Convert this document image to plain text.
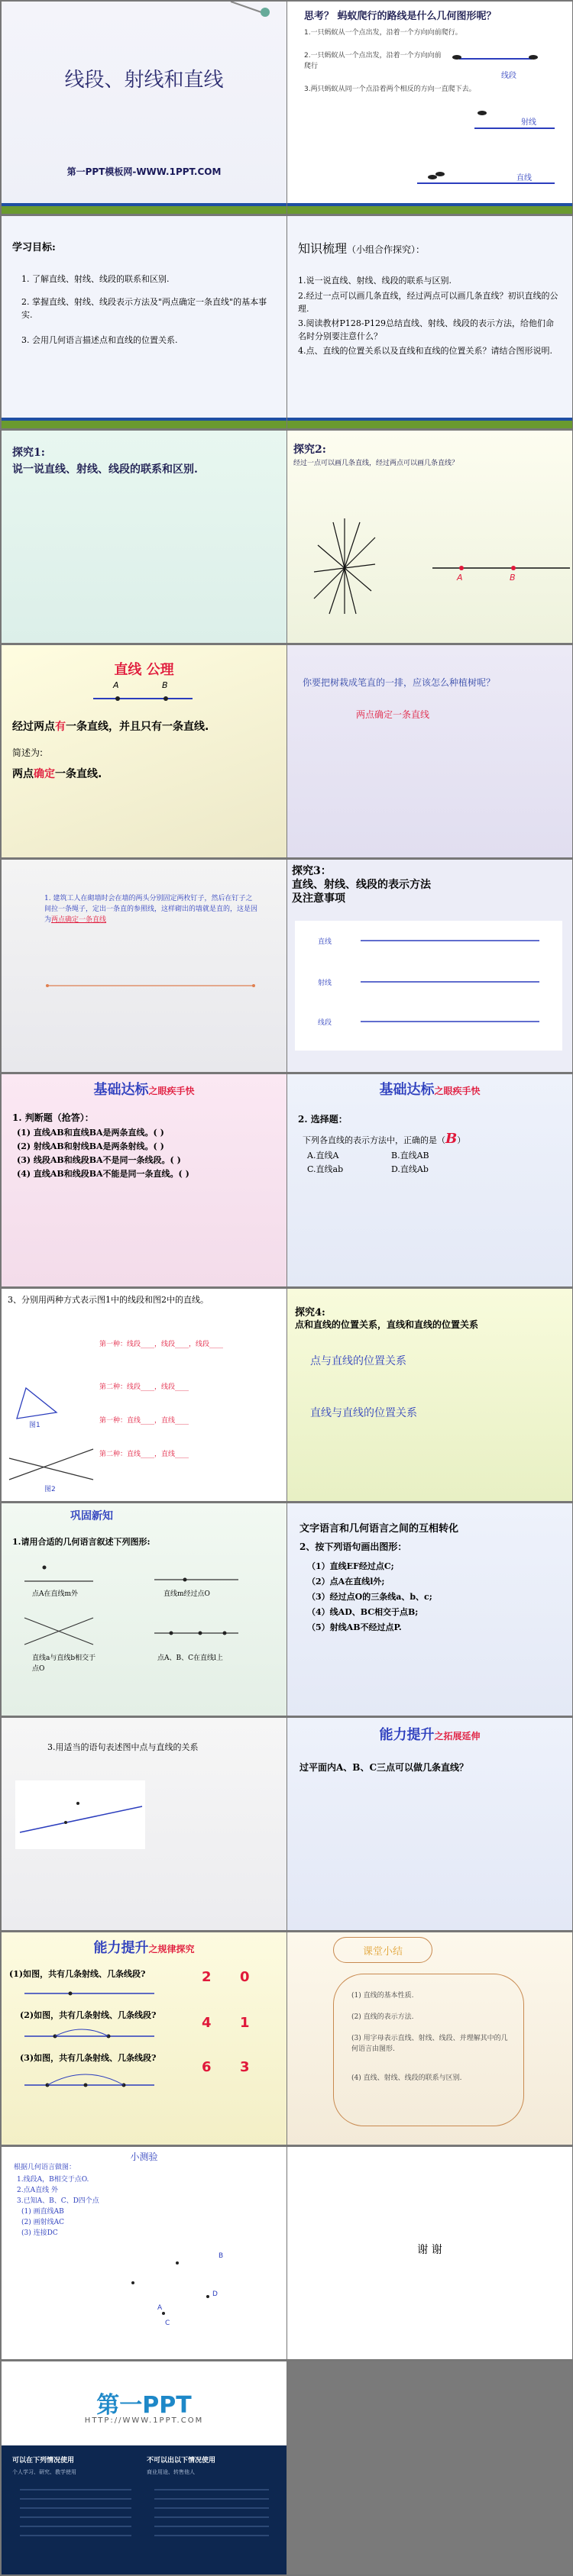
线段、射线和直线
第一PPT模板网-WWW.1PPT.COM
思考？ 蚂蚁爬行的路线是什么几何图形呢？
1.一只蚂蚁从一个点出发，沿着一个方向向前爬行。
2.一只蚂蚁从一个点出发，沿着一个方向向前爬行
3.两只蚂蚁从同一个点沿着两个相反的方向一直爬下去。
线段
射线
直线
学习目标:
1. 了解直线、射线、线段的联系和区别.
2. 掌握直线、射线、线段表示方法及"两点确定一条直线"的基本事实.
3. 会用几何语言描述点和直线的位置关系.
知识梳理（小组合作探究）：
1.说一说直线、射线、线段的联系与区别.
2.经过一点可以画几条直线，经过两点可以画几条直线？初识直线的公理.
3.阅读教材P128-P129总结直线、射线、线段的表示方法，给他们命名时分别要注意什么？
4.点、直线的位置关系以及直线和直线的位置关系？请结合图形说明.
探究1:
说一说直线、射线、线段的联系和区别.
探究2:
经过一点可以画几条直线，经过两点可以画几条直线？
A	B
直线 公理
A	B
经过两点有一条直线，并且只有一条直线.
简述为:
两点确定一条直线.
你要把树栽成笔直的一排，应该怎么种植树呢？
两点确定一条直线
1. 建筑工人在砌墙时会在墙的两头分别固定两枚钉子，然后在钉子之间拉一条绳子，定出一条直的参照线，这样砌出的墙就是直的，这是因为两点确定一条直线
探究3：
直线、射线、线段的表示方法
及注意事项
直线
射线
线段
基础达标之眼疾手快
1. 判断题（抢答）：
(1) 直线AB和直线BA是两条直线。( )
(2) 射线AB和射线BA是两条射线。( )
(3) 线段AB和线段BA不是同一条线段。( )
(4) 直线AB和线段BA不能是同一条直线。( )
基础达标之眼疾手快
2. 选择题：
下列各直线的表示方法中，正确的是（B）
A.直线A	B.直线AB
C.直线ab	D.直线Ab
3、分别用两种方式表示图1中的线段和图2中的直线。
图1
图2
第一种：线段____，线段____，线段____
第二种：线段____，线段____
第一种：直线____，直线____
第二种：直线____，直线____
探究4:
点和直线的位置关系，直线和直线的位置关系
点与直线的位置关系
直线与直线的位置关系
巩固新知
1.请用合适的几何语言叙述下列图形:
点A在直线m外	直线m经过点O
直线a与直线b相交于点O
点A、B、C在直线l上
文字语言和几何语言之间的互相转化
2、按下列语句画出图形：
（1）直线EF经过点C;
（2）点A在直线l外;
（3）经过点O的三条线a、b、c;
（4）线AD、BC相交于点B;
（5）射线AB不经过点P.
3.用适当的语句表述图中点与直线的关系
能力提升之拓展延伸
过平面内A、B、C三点可以做几条直线？
能力提升之规律探究
(1)如图，共有几条射线、几条线段?
(2)如图，共有几条射线、几条线段?
(3)如图，共有几条射线、几条线段?
2 0
4 1
6 3
课堂小结
(1) 直线的基本性质.
(2) 直线的表示方法.
(3) 用字母表示直线、射线、线段、并理解其中的几何语言由图形.
(4) 直线、射线、线段的联系与区别.
小测验
根据几何语言做图：
1.线段A，B相交于点O.
2.点A直线 外
3.已知A、B、C、D四个点
(1) 画直线AB
(2) 画射线AC
(3) 连接DC
B
A
C
D
谢 谢
第一PPT
HTTP://WWW.1PPT.COM
可以在下列情况使用	不可以出以下情况使用
个人学习、研究、教学使用	商业用途、转售他人
